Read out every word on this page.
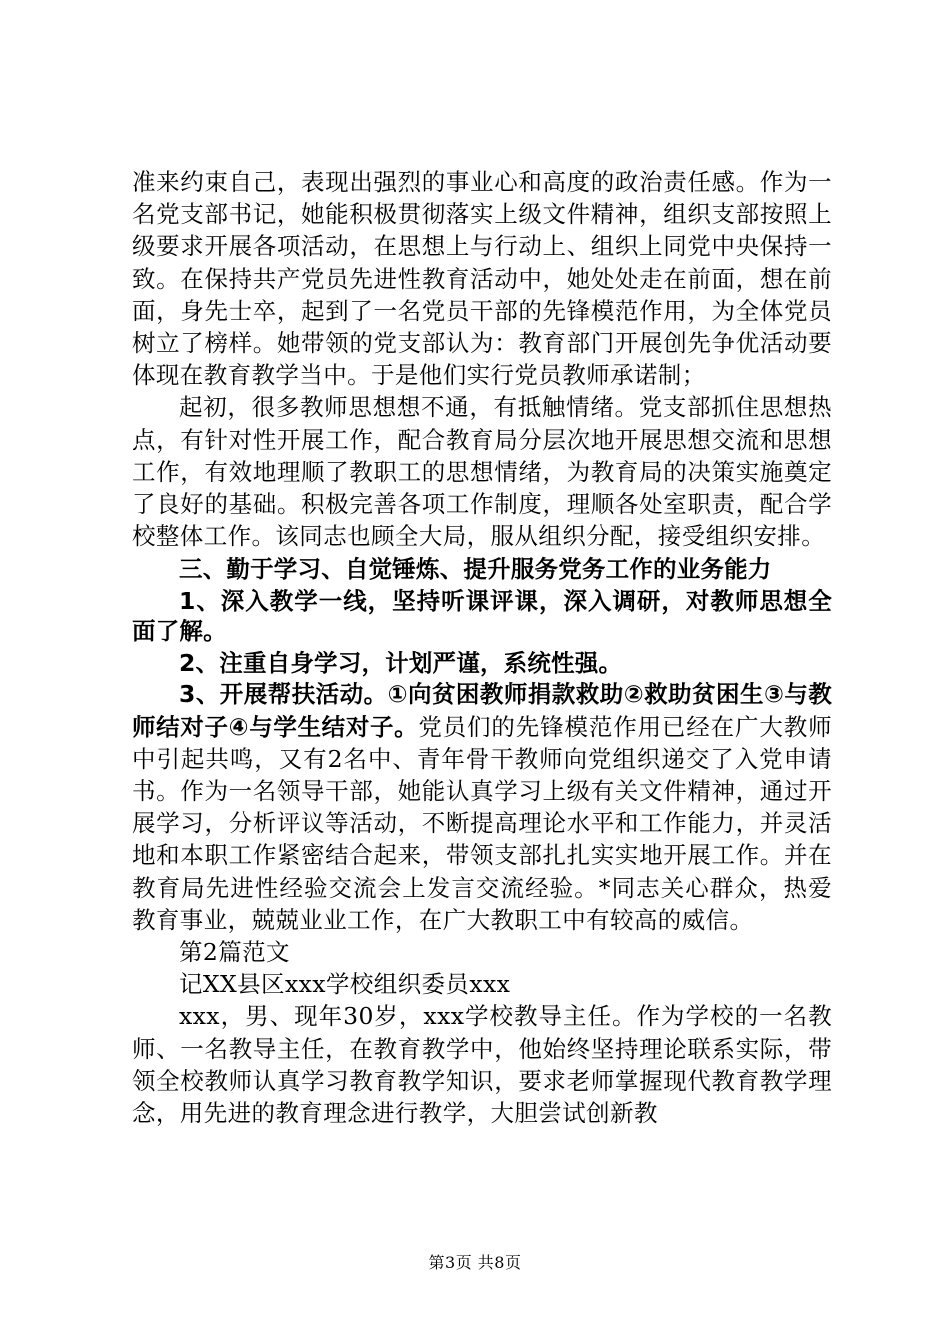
准来约束自己，表现出强烈的事业心和高度的政治责任感。作为一名党支部书记，她能积极贯彻落实上级文件精神，组织支部按照上级要求开展各项活动，在思想上与行动上、组织上同党中央保持一致。在保持共产党员先进性教育活动中，她处处走在前面，想在前面，身先士卒，起到了一名党员干部的先锋模范作用，为全体党员树立了榜样。她带领的党支部认为：教育部门开展创先争优活动要体现在教育教学当中。于是他们实行党员教师承诺制；

起初，很多教师思想想不通，有抵触情绪。党支部抓住思想热点，有针对性开展工作，配合教育局分层次地开展思想交流和思想工作，有效地理顺了教职工的思想情绪，为教育局的决策实施奠定了良好的基础。积极完善各项工作制度，理顺各处室职责，配合学校整体工作。该同志也顾全大局，服从组织分配，接受组织安排。

三、勤于学习、自觉锤炼、提升服务党务工作的业务能力

1、深入教学一线，坚持听课评课，深入调研，对教师思想全面了解。

2、注重自身学习，计划严谨，系统性强。

3、开展帮扶活动。①向贫困教师捐款救助②救助贫困生③与教师结对子④与学生结对子。党员们的先锋模范作用已经在广大教师中引起共鸣，又有2名中、青年骨干教师向党组织递交了入党申请书。作为一名领导干部，她能认真学习上级有关文件精神，通过开展学习，分析评议等活动，不断提高理论水平和工作能力，并灵活地和本职工作紧密结合起来，带领支部扎扎实实地开展工作。并在教育局先进性经验交流会上发言交流经验。*同志关心群众，热爱教育事业，兢兢业业工作，在广大教职工中有较高的威信。

第2篇范文

记XX县区xxx学校组织委员xxx

xxx，男、现年30岁，xxx学校教导主任。作为学校的一名教师、一名教导主任，在教育教学中，他始终坚持理论联系实际，带领全校教师认真学习教育教学知识，要求老师掌握现代教育教学理念，用先进的教育理念进行教学，大胆尝试创新教

第3页 共8页
